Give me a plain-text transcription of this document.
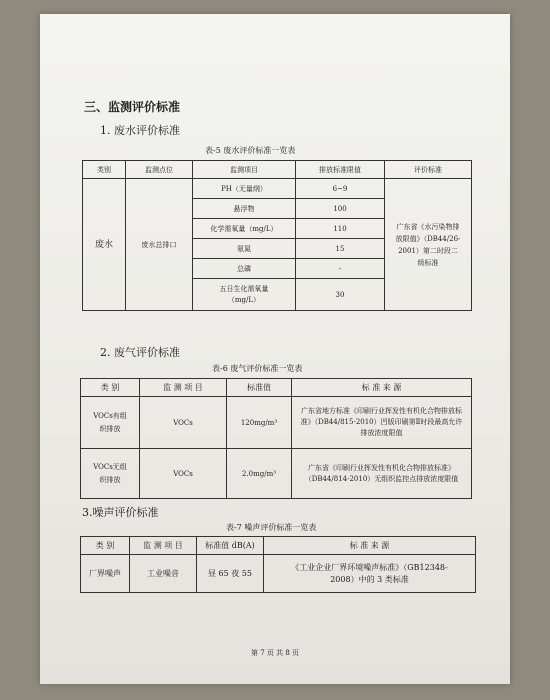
三、监测评价标准
1. 废水评价标准
表-5 废水评价标准一览表
类别	监测点位	监测项目	排放标准限值	评价标准
废水	废水总排口	PH（无量纲）	6~9	广东省《水污染物排放限值》（DB44/26-2001）第二时段二级标准
		悬浮物	100	
		化学需氧量（mg/L）	110	
		氨氮	15	
		总磷	-	
		五日生化需氧量（mg/L）	30	
2. 废气评价标准
表-6 废气评价标准一览表
类 别	监 测 项 目	标准值	标 准 来 源
VOCs有组织排放	VOCs	120mg/m³	广东省地方标准《印刷行业挥发性有机化合物排放标准》（DB44/815-2010）凹版印刷第Ⅱ时段最高允许排放浓度限值
VOCs无组织排放	VOCs	2.0mg/m³	广东省《印刷行业挥发性有机化合物排放标准》（DB44/814-2010）无组织监控点排放浓度限值
3.噪声评价标准
表-7 噪声评价标准一览表
类 别	监 测 项 目	标准值 dB(A)	标 准 来 源
厂界噪声	工业噪音	昼 65 夜 55	《工业企业厂界环境噪声标准》（GB12348-2008）中的 3 类标准
第 7 页 共 8 页
